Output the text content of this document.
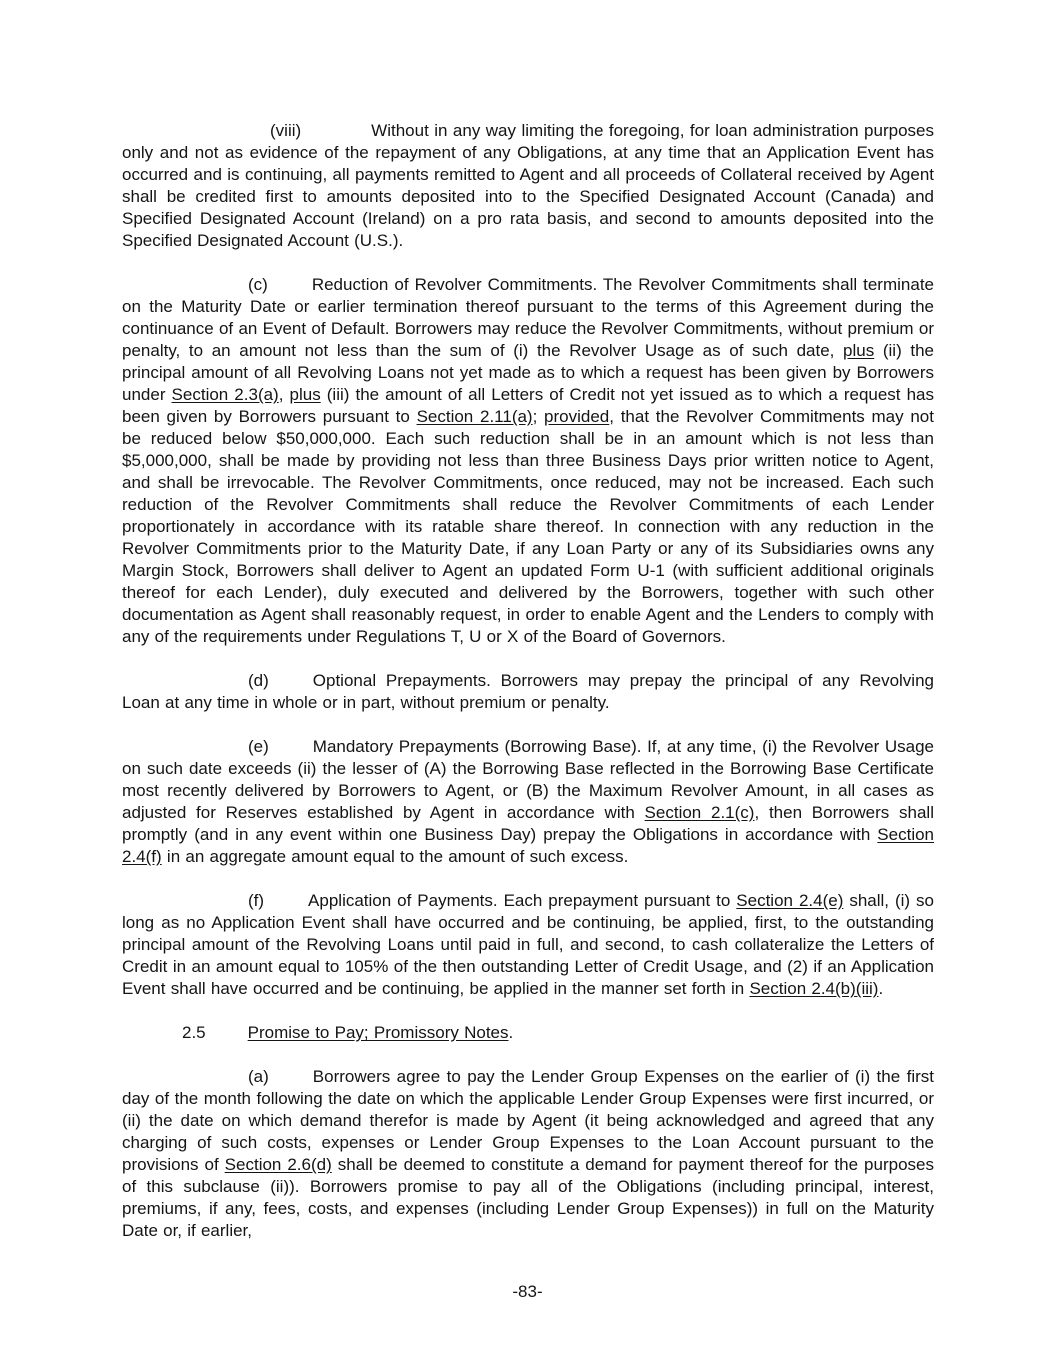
(viii)	Without in any way limiting the foregoing, for loan administration purposes only and not as evidence of the repayment of any Obligations, at any time that an Application Event has occurred and is continuing, all payments remitted to Agent and all proceeds of Collateral received by Agent shall be credited first to amounts deposited into to the Specified Designated Account (Canada) and Specified Designated Account (Ireland) on a pro rata basis, and second to amounts deposited into the Specified Designated Account (U.S.).

(c)	Reduction of Revolver Commitments. The Revolver Commitments shall terminate on the Maturity Date or earlier termination thereof pursuant to the terms of this Agreement during the continuance of an Event of Default. Borrowers may reduce the Revolver Commitments, without premium or penalty, to an amount not less than the sum of (i) the Revolver Usage as of such date, plus (ii) the principal amount of all Revolving Loans not yet made as to which a request has been given by Borrowers under Section 2.3(a), plus (iii) the amount of all Letters of Credit not yet issued as to which a request has been given by Borrowers pursuant to Section 2.11(a); provided, that the Revolver Commitments may not be reduced below $50,000,000. Each such reduction shall be in an amount which is not less than $5,000,000, shall be made by providing not less than three Business Days prior written notice to Agent, and shall be irrevocable. The Revolver Commitments, once reduced, may not be increased. Each such reduction of the Revolver Commitments shall reduce the Revolver Commitments of each Lender proportionately in accordance with its ratable share thereof. In connection with any reduction in the Revolver Commitments prior to the Maturity Date, if any Loan Party or any of its Subsidiaries owns any Margin Stock, Borrowers shall deliver to Agent an updated Form U-1 (with sufficient additional originals thereof for each Lender), duly executed and delivered by the Borrowers, together with such other documentation as Agent shall reasonably request, in order to enable Agent and the Lenders to comply with any of the requirements under Regulations T, U or X of the Board of Governors.

(d)	Optional Prepayments. Borrowers may prepay the principal of any Revolving Loan at any time in whole or in part, without premium or penalty.

(e)	Mandatory Prepayments (Borrowing Base). If, at any time, (i) the Revolver Usage on such date exceeds (ii) the lesser of (A) the Borrowing Base reflected in the Borrowing Base Certificate most recently delivered by Borrowers to Agent, or (B) the Maximum Revolver Amount, in all cases as adjusted for Reserves established by Agent in accordance with Section 2.1(c), then Borrowers shall promptly (and in any event within one Business Day) prepay the Obligations in accordance with Section 2.4(f) in an aggregate amount equal to the amount of such excess.

(f)	Application of Payments. Each prepayment pursuant to Section 2.4(e) shall, (i) so long as no Application Event shall have occurred and be continuing, be applied, first, to the outstanding principal amount of the Revolving Loans until paid in full, and second, to cash collateralize the Letters of Credit in an amount equal to 105% of the then outstanding Letter of Credit Usage, and (2) if an Application Event shall have occurred and be continuing, be applied in the manner set forth in Section 2.4(b)(iii).

2.5 Promise to Pay; Promissory Notes.

(a)	Borrowers agree to pay the Lender Group Expenses on the earlier of (i) the first day of the month following the date on which the applicable Lender Group Expenses were first incurred, or (ii) the date on which demand therefor is made by Agent (it being acknowledged and agreed that any charging of such costs, expenses or Lender Group Expenses to the Loan Account pursuant to the provisions of Section 2.6(d) shall be deemed to constitute a demand for payment thereof for the purposes of this subclause (ii)). Borrowers promise to pay all of the Obligations (including principal, interest, premiums, if any, fees, costs, and expenses (including Lender Group Expenses)) in full on the Maturity Date or, if earlier,

-83-
